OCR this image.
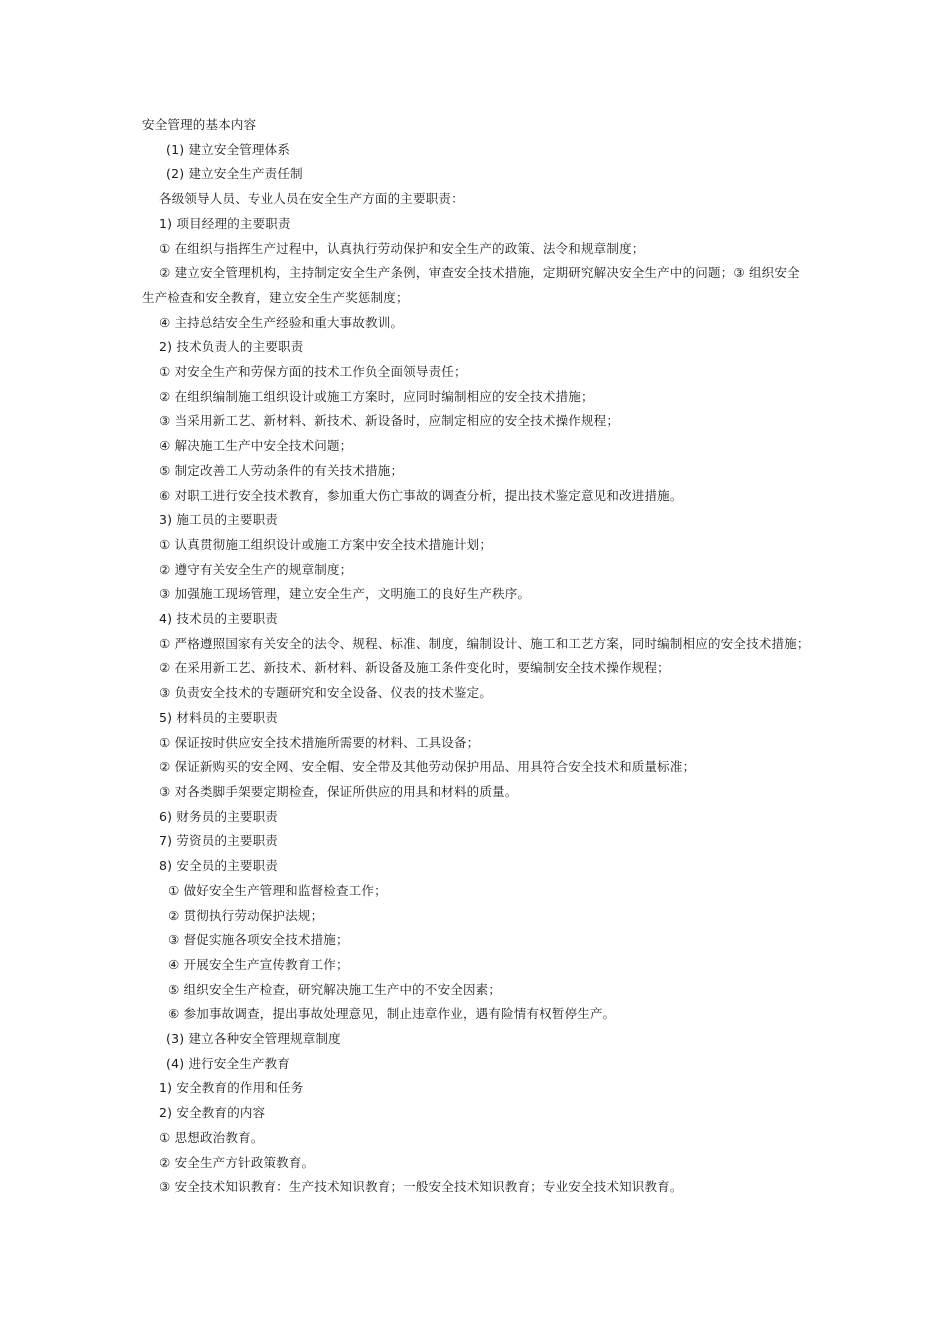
安全管理的基本内容
(1) 建立安全管理体系
(2) 建立安全生产责任制
各级领导人员、专业人员在安全生产方面的主要职责：
1) 项目经理的主要职责
① 在组织与指挥生产过程中，认真执行劳动保护和安全生产的政策、法令和规章制度；
② 建立安全管理机构，主持制定安全生产条例，审查安全技术措施，定期研究解决安全生产中的问题；③ 组织安全生产检查和安全教育，建立安全生产奖惩制度；
④ 主持总结安全生产经验和重大事故教训。
2) 技术负责人的主要职责
① 对安全生产和劳保方面的技术工作负全面领导责任；
② 在组织编制施工组织设计或施工方案时，应同时编制相应的安全技术措施；
③ 当采用新工艺、新材料、新技术、新设备时，应制定相应的安全技术操作规程；
④ 解决施工生产中安全技术问题；
⑤ 制定改善工人劳动条件的有关技术措施；
⑥ 对职工进行安全技术教育，参加重大伤亡事故的调查分析，提出技术鉴定意见和改进措施。
3) 施工员的主要职责
① 认真贯彻施工组织设计或施工方案中安全技术措施计划；
② 遵守有关安全生产的规章制度；
③ 加强施工现场管理，建立安全生产，文明施工的良好生产秩序。
4) 技术员的主要职责
① 严格遵照国家有关安全的法令、规程、标准、制度，编制设计、施工和工艺方案，同时编制相应的安全技术措施；
② 在采用新工艺、新技术、新材料、新设备及施工条件变化时，要编制安全技术操作规程；
③ 负责安全技术的专题研究和安全设备、仪表的技术鉴定。
5) 材料员的主要职责
① 保证按时供应安全技术措施所需要的材料、工具设备；
② 保证新购买的安全网、安全帽、安全带及其他劳动保护用品、用具符合安全技术和质量标准；
③ 对各类脚手架要定期检查，保证所供应的用具和材料的质量。
6) 财务员的主要职责
7) 劳资员的主要职责
8) 安全员的主要职责
① 做好安全生产管理和监督检查工作；
② 贯彻执行劳动保护法规；
③ 督促实施各项安全技术措施；
④ 开展安全生产宣传教育工作；
⑤ 组织安全生产检查，研究解决施工生产中的不安全因素；
⑥ 参加事故调查，提出事故处理意见，制止违章作业，遇有险情有权暂停生产。
(3) 建立各种安全管理规章制度
(4) 进行安全生产教育
1) 安全教育的作用和任务
2) 安全教育的内容
① 思想政治教育。
② 安全生产方针政策教育。
③ 安全技术知识教育：生产技术知识教育；一般安全技术知识教育；专业安全技术知识教育。
